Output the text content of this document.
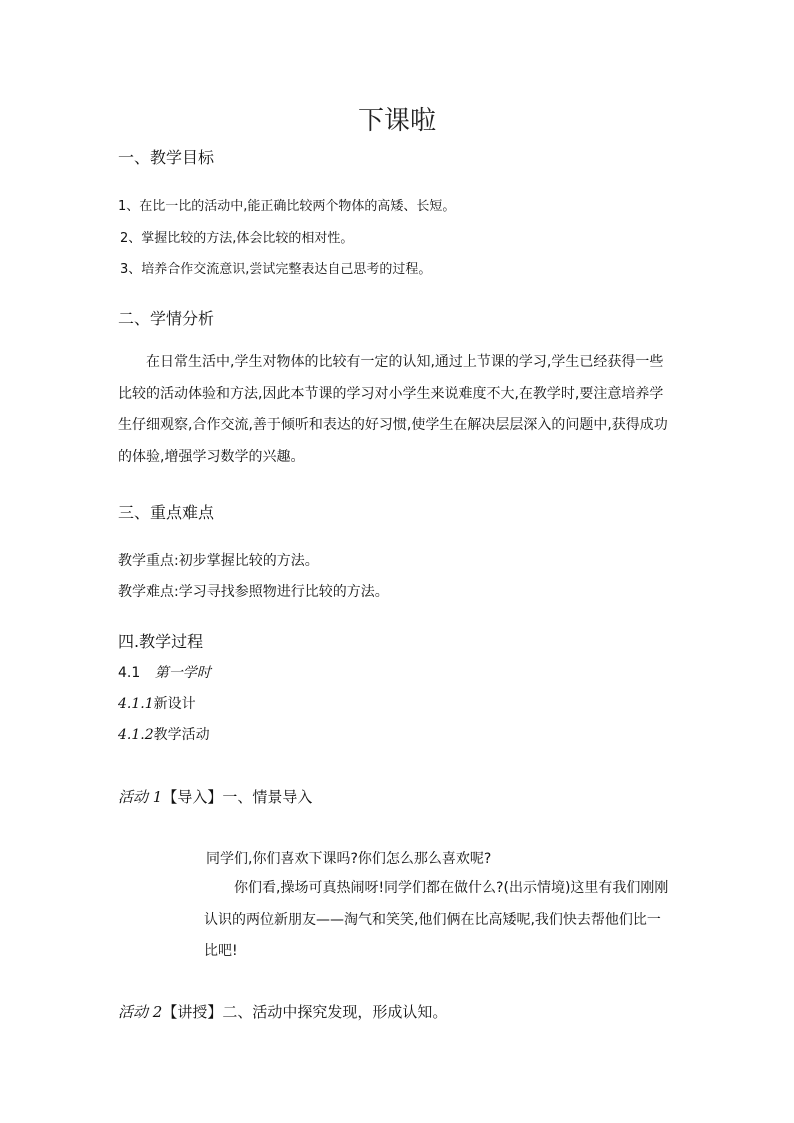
下课啦
一、教学目标
1、在比一比的活动中,能正确比较两个物体的高矮、长短。
2、掌握比较的方法,体会比较的相对性。
3、培养合作交流意识,尝试完整表达自己思考的过程。
二、学情分析
在日常生活中,学生对物体的比较有一定的认知,通过上节课的学习,学生已经获得一些比较的活动体验和方法,因此本节课的学习对小学生来说难度不大,在教学时,要注意培养学生仔细观察,合作交流,善于倾听和表达的好习惯,使学生在解决层层深入的问题中,获得成功的体验,增强学习数学的兴趣。
三、重点难点
教学重点:初步掌握比较的方法。
教学难点:学习寻找参照物进行比较的方法。
四.教学过程
4.1 第一学时
4.1.1新设计
4.1.2教学活动
活动 1【导入】一、情景导入
同学们,你们喜欢下课吗?你们怎么那么喜欢呢?
你们看,操场可真热闹呀!同学们都在做什么?(出示情境)这里有我们刚刚认识的两位新朋友——淘气和笑笑,他们俩在比高矮呢,我们快去帮他们比一比吧!
活动 2【讲授】二、活动中探究发现，形成认知。
